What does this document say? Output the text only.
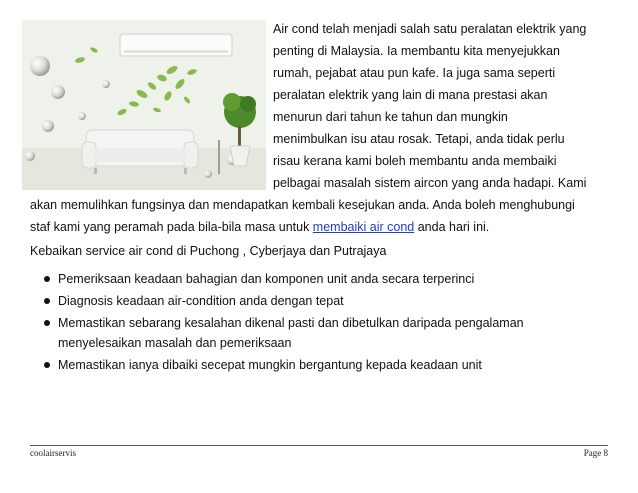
Air cond telah menjadi salah satu peralatan elektrik yang
penting di Malaysia. Ia membantu kita menyejukkan
rumah, pejabat atau pun kafe. Ia juga sama seperti
peralatan elektrik yang lain di mana prestasi akan
menurun dari tahun ke tahun dan mungkin
menimbulkan isu atau rosak. Tetapi, anda tidak perlu
risau kerana kami boleh membantu anda membaiki
pelbagai masalah sistem aircon yang anda hadapi. Kami
akan memulihkan fungsinya dan mendapatkan kembali kesejukan anda. Anda boleh menghubungi
staf kami yang peramah pada bila-bila masa untuk membaiki air cond anda hari ini.
Kebaikan service air cond di Puchong , Cyberjaya dan Putrajaya
Pemeriksaan keadaan bahagian dan komponen unit anda secara terperinci
Diagnosis keadaan air-condition anda dengan tepat
Memastikan sebarang kesalahan dikenal pasti dan dibetulkan daripada pengalaman
menyelesaikan masalah dan pemeriksaan
Memastikan ianya dibaiki secepat mungkin bergantung kepada keadaan unit
coolairservis	Page 8
